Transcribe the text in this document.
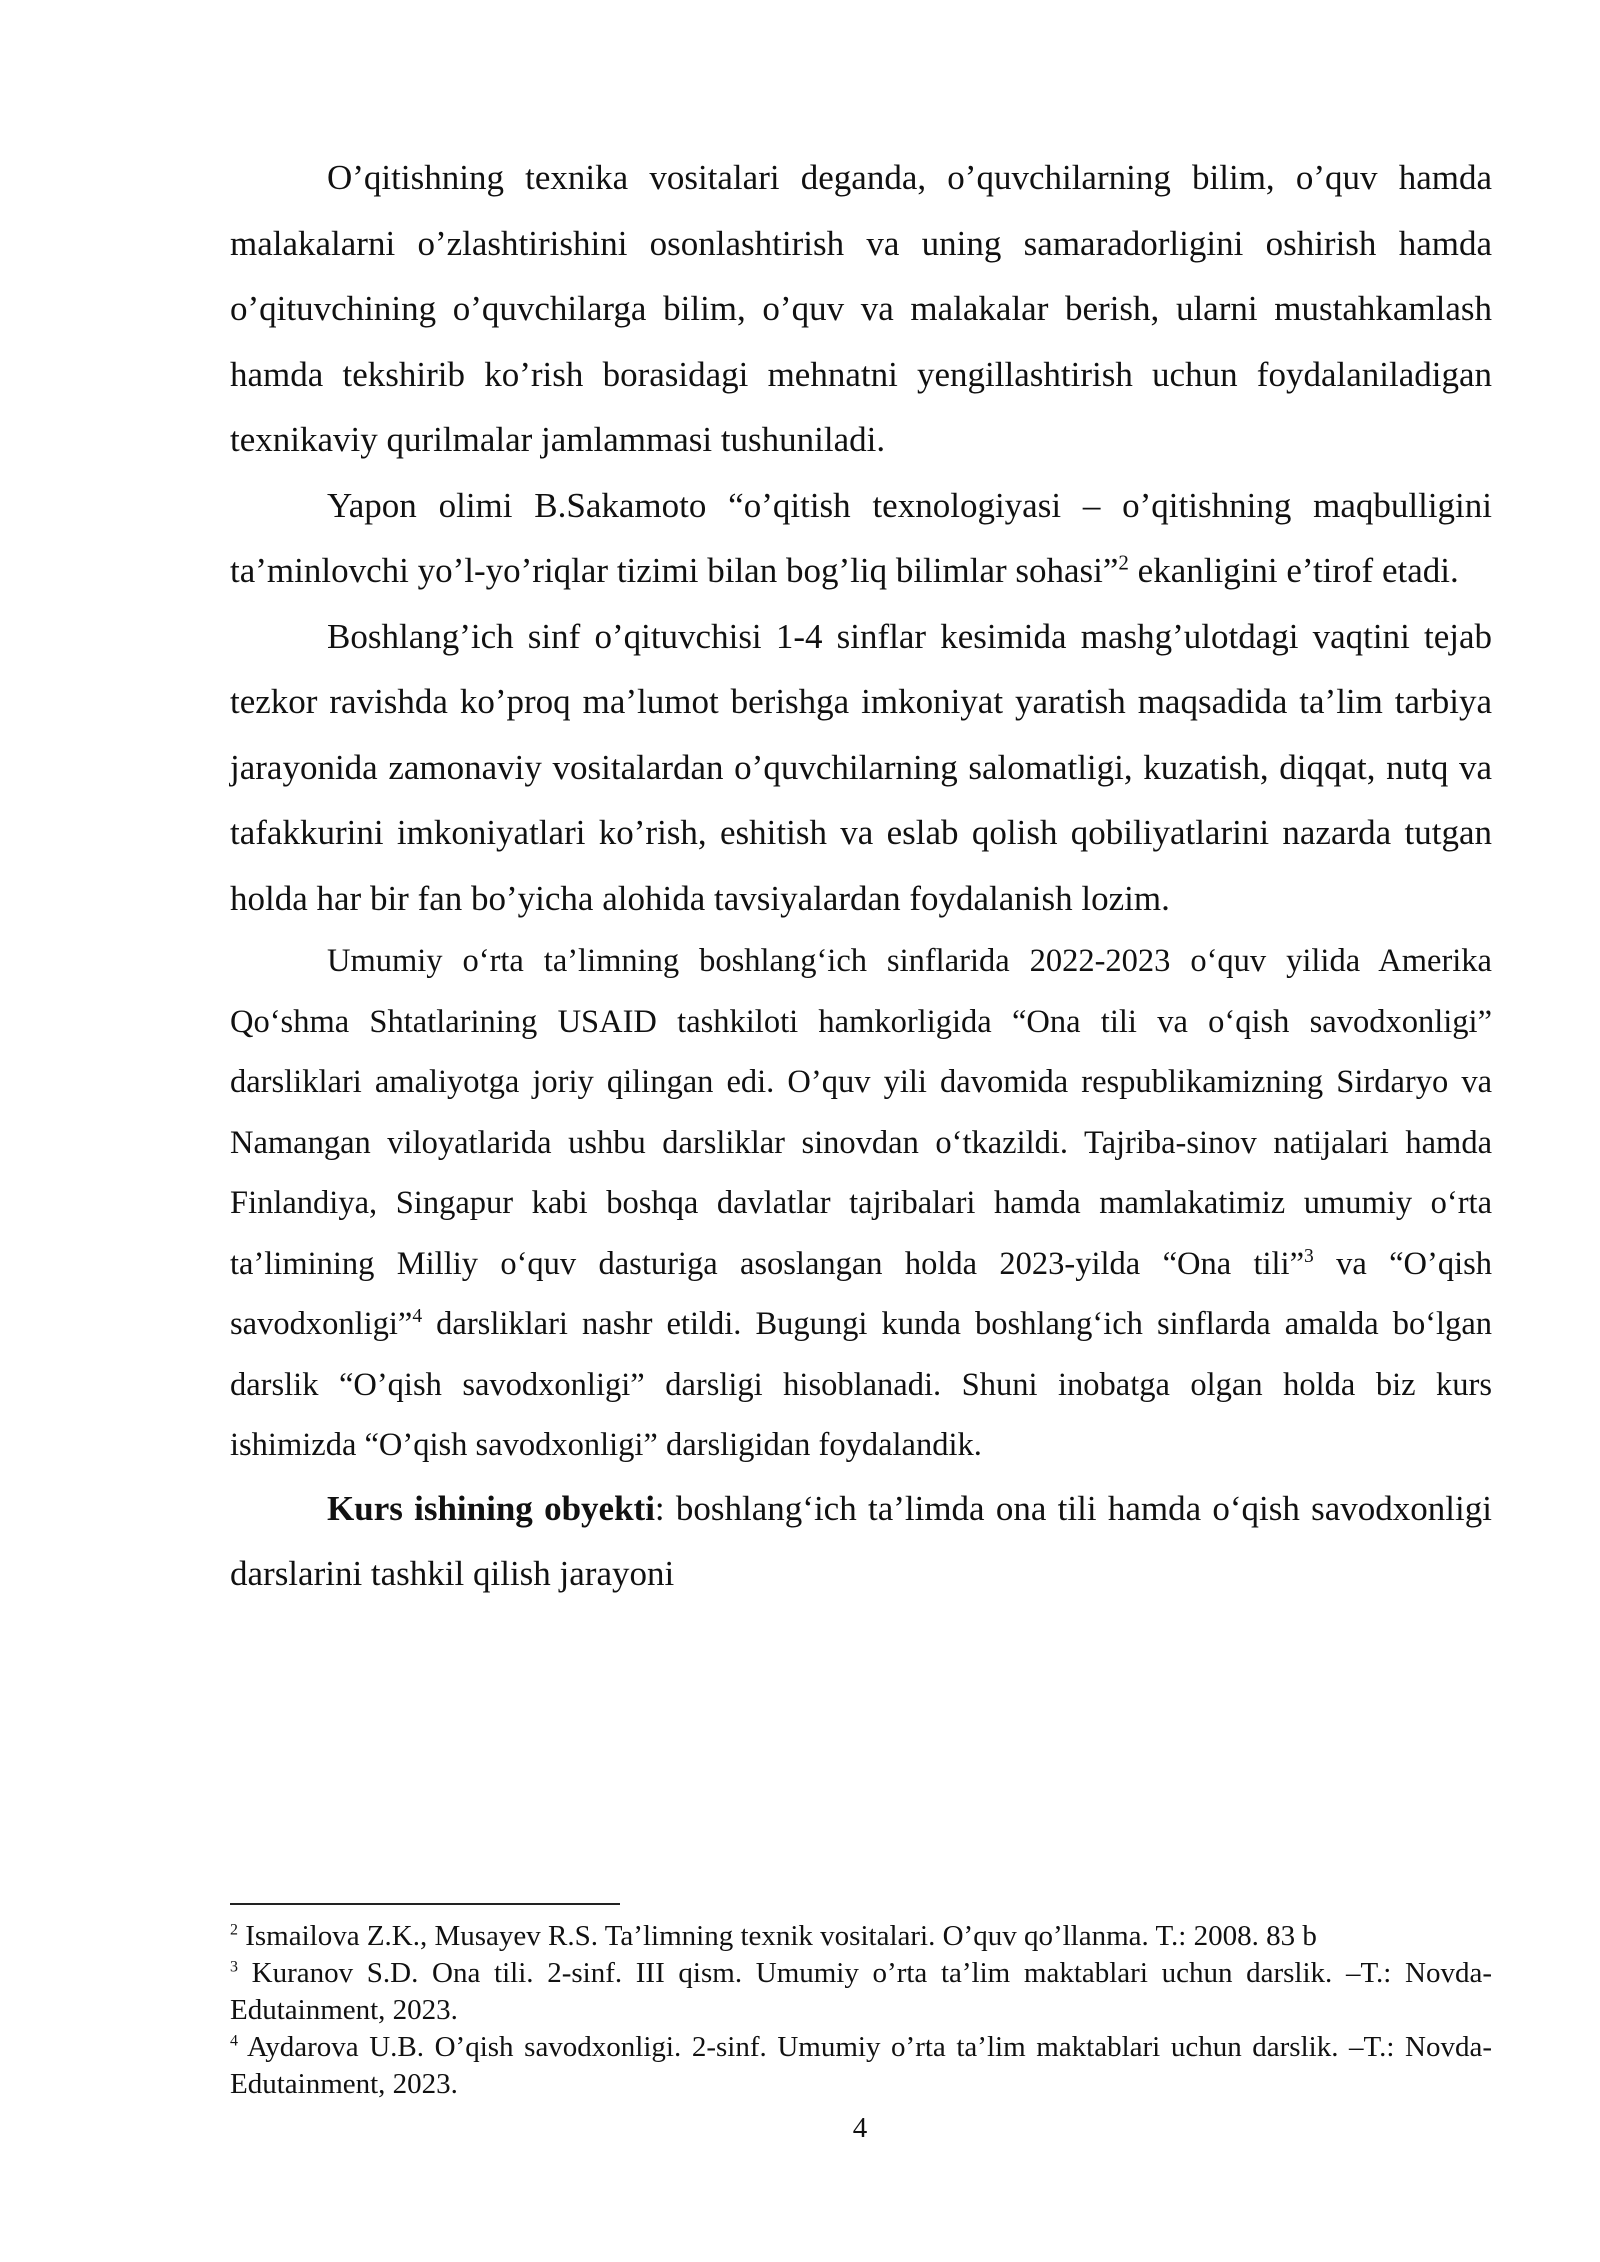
O’qitishning texnika vositalari deganda, o’quvchilarning bilim, o’quv hamda malakalarni o’zlashtirishini osonlashtirish va uning samaradorligini oshirish hamda o’qituvchining o’quvchilarga bilim, o’quv va malakalar berish, ularni mustahkamlash hamda tekshirib ko’rish borasidagi mehnatni yengillashtirish uchun foydalaniladigan texnikaviy qurilmalar jamlammasi tushuniladi.

Yapon olimi B.Sakamoto “o’qitish texnologiyasi – o’qitishning maqbulligini ta’minlovchi yo’l-yo’riqlar tizimi bilan bog’liq bilimlar sohasi”$^2$ ekanligini e’tirof etadi.

Boshlang’ich sinf o’qituvchisi 1-4 sinflar kesimida mashg’ulotdagi vaqtini tejab tezkor ravishda ko’proq ma’lumot berishga imkoniyat yaratish maqsadida ta’lim tarbiya jarayonida zamonaviy vositalardan o’quvchilarning salomatligi, kuzatish, diqqat, nutq va tafakkurini imkoniyatlari ko’rish, eshitish va eslab qolish qobiliyatlarini nazarda tutgan holda har bir fan bo’yicha alohida tavsiyalardan foydalanish lozim.

Umumiy o‘rta ta’limning boshlang‘ich sinflarida 2022-2023 o‘quv yilida Amerika Qo‘shma Shtatlarining USAID tashkiloti hamkorligida “Ona tili va o‘qish savodxonligi” darsliklari amaliyotga joriy qilingan edi. O’quv yili davomida respublikamizning Sirdaryo va Namangan viloyatlarida ushbu darsliklar sinovdan o‘tkazildi. Tajriba-sinov natijalari hamda Finlandiya, Singapur kabi boshqa davlatlar tajribalari hamda mamlakatimiz umumiy o‘rta ta’limining Milliy o‘quv dasturiga asoslangan holda 2023-yilda “Ona tili”$^3$ va “O’qish savodxonligi”$^4$ darsliklari nashr etildi. Bugungi kunda boshlang‘ich sinflarda amalda bo‘lgan darslik “O’qish savodxonligi” darsligi hisoblanadi. Shuni inobatga olgan holda biz kurs ishimizda “O’qish savodxonligi” darsligidan foydalandik.

Kurs ishining obyekti: boshlang‘ich ta’limda ona tili hamda o‘qish savodxonligi darslarini tashkil qilish jarayoni

$^2$ Ismailova Z.K., Musayev R.S. Ta’limning texnik vositalari. O’quv qo’llanma. T.: 2008. 83 b

$^3$ Kuranov S.D. Ona tili. 2-sinf. III qism. Umumiy o’rta ta’lim maktablari uchun darslik. –T.: Novda-Edutainment, 2023.

$^4$ Aydarova U.B. O’qish savodxonligi. 2-sinf. Umumiy o’rta ta’lim maktablari uchun darslik. –T.: Novda-Edutainment, 2023.

4
